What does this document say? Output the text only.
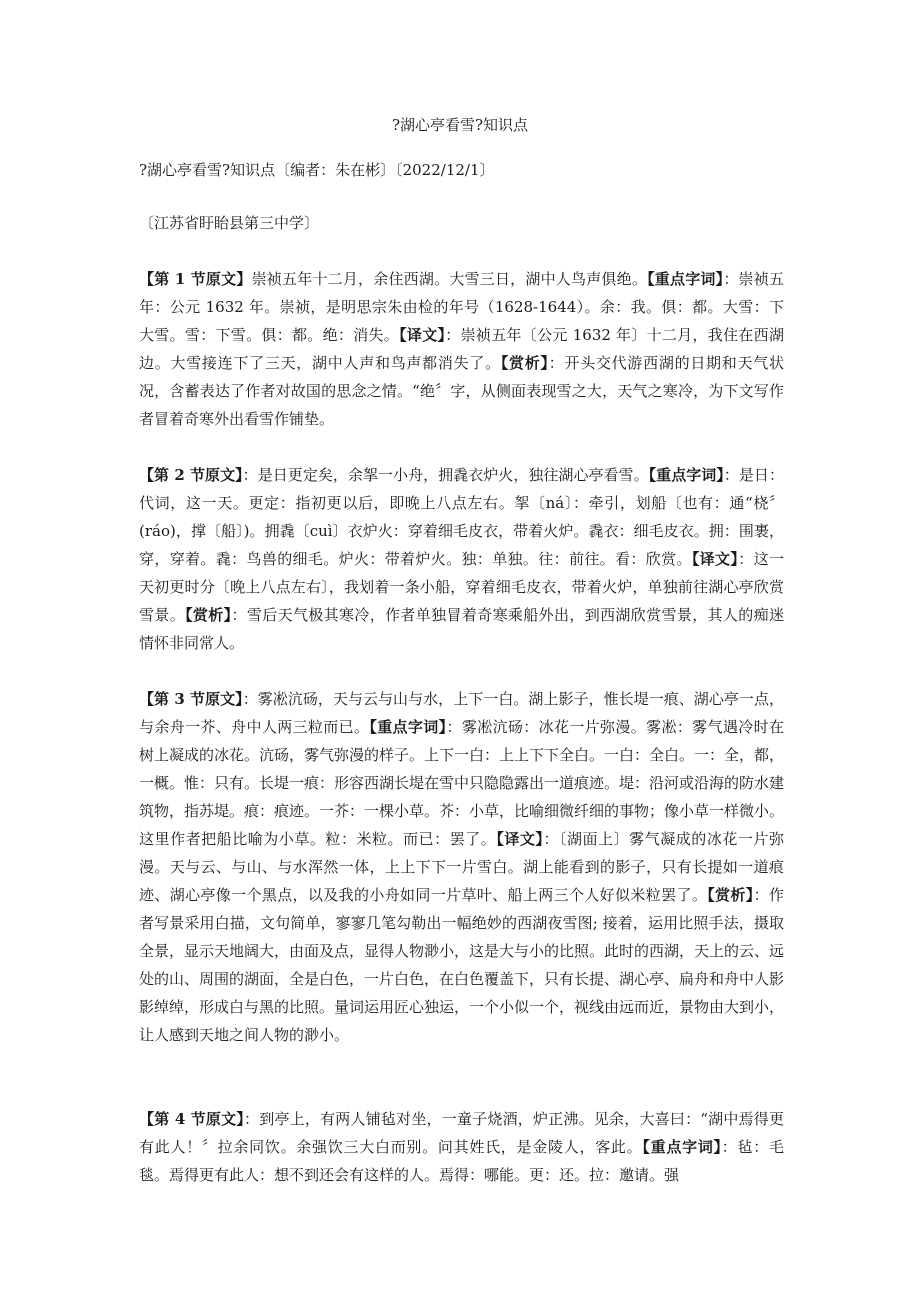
?湖心亭看雪?知识点

?湖心亭看雪?知识点〔编者：朱在彬〕〔2022/12/1〕

〔江苏省盱眙县第三中学〕

【第 1 节原文】崇祯五年十二月，余住西湖。大雪三日，湖中人鸟声俱绝。【重点字词】：崇祯五年：公元 1632 年。崇祯，是明思宗朱由检的年号（1628-1644）。余：我。俱：都。大雪：下大雪。雪：下雪。俱：都。绝：消失。【译文】：崇祯五年〔公元 1632 年〕十二月，我住在西湖边。大雪接连下了三天，湖中人声和鸟声都消失了。【赏析】：开头交代游西湖的日期和天气状况，含蓄表达了作者对故国的思念之情。“绝〞字，从侧面表现雪之大，天气之寒冷，为下文写作者冒着奇寒外出看雪作铺垫。

【第 2 节原文】：是日更定矣，余挐一小舟，拥毳衣炉火，独往湖心亭看雪。【重点字词】：是日：代词，这一天。更定：指初更以后，即晚上八点左右。挐〔ná〕：牵引，划船〔也有：通“桡〞(ráo)，撑〔船〕)。拥毳〔cuì〕衣炉火：穿着细毛皮衣，带着火炉。毳衣：细毛皮衣。拥：围裹，穿，穿着。毳：鸟兽的细毛。炉火：带着炉火。独：单独。往：前往。看：欣赏。【译文】：这一天初更时分〔晚上八点左右〕，我划着一条小船，穿着细毛皮衣，带着火炉，单独前往湖心亭欣赏雪景。【赏析】：雪后天气极其寒冷，作者单独冒着奇寒乘船外出，到西湖欣赏雪景，其人的痴迷情怀非同常人。

【第 3 节原文】：雾凇沆砀，天与云与山与水，上下一白。湖上影子，惟长堤一痕、湖心亭一点，与余舟一芥、舟中人两三粒而已。【重点字词】：雾凇沆砀：冰花一片弥漫。雾凇：雾气遇冷时在树上凝成的冰花。沆砀，雾气弥漫的样子。上下一白：上上下下全白。一白：全白。一：全，都，一概。惟：只有。长堤一痕：形容西湖长堤在雪中只隐隐露出一道痕迹。堤：沿河或沿海的防水建筑物，指苏堤。痕：痕迹。一芥：一棵小草。芥：小草，比喻细微纤细的事物；像小草一样微小。这里作者把船比喻为小草。粒：米粒。而已：罢了。【译文】：〔湖面上〕雾气凝成的冰花一片弥漫。天与云、与山、与水浑然一体，上上下下一片雪白。湖上能看到的影子，只有长提如一道痕迹、湖心亭像一个黑点，以及我的小舟如同一片草叶、船上两三个人好似米粒罢了。【赏析】：作者写景采用白描，文句简单，寥寥几笔勾勒出一幅绝妙的西湖夜雪图; 接着，运用比照手法，摄取全景，显示天地阔大，由面及点，显得人物渺小，这是大与小的比照。此时的西湖，天上的云、远处的山、周围的湖面，全是白色，一片白色，在白色覆盖下，只有长提、湖心亭、扁舟和舟中人影影绰绰，形成白与黑的比照。量词运用匠心独运，一个小似一个，视线由远而近，景物由大到小，让人感到天地之间人物的渺小。

【第 4 节原文】：到亭上，有两人铺毡对坐，一童子烧酒，炉正沸。见余，大喜曰：“湖中焉得更有此人！〞拉余同饮。余强饮三大白而别。问其姓氏，是金陵人，客此。【重点字词】：毡：毛毯。焉得更有此人：想不到还会有这样的人。焉得：哪能。更：还。拉：邀请。强
